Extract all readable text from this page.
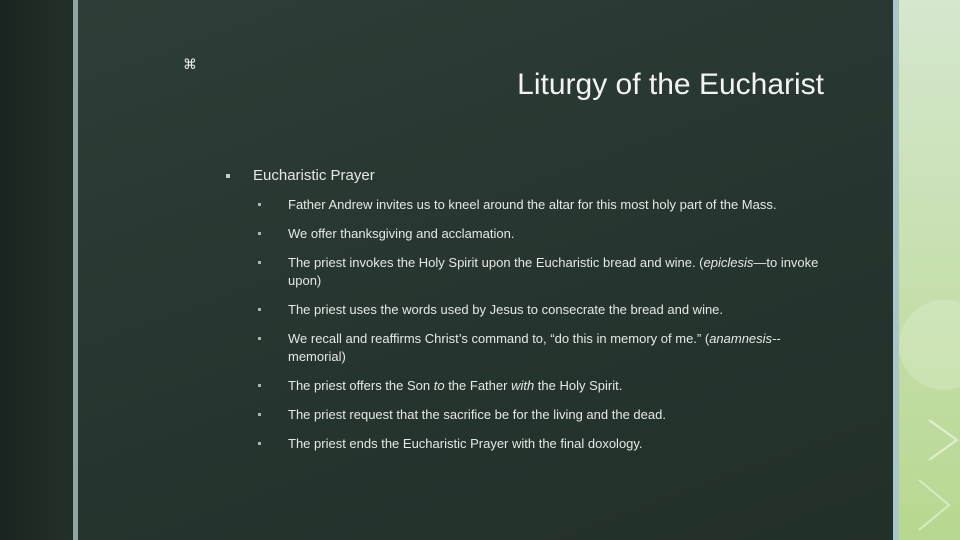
⌘
Liturgy of the Eucharist
Eucharistic Prayer
Father Andrew invites us to kneel around the altar for this most holy part of the Mass.
We offer thanksgiving and acclamation.
The priest invokes the Holy Spirit upon the Eucharistic bread and wine. (epiclesis—to invoke upon)
The priest uses the words used by Jesus to consecrate the bread and wine.
We recall and reaffirms Christ’s command to, “do this in memory of me.” (anamnesis--memorial)
The priest offers the Son to the Father with the Holy Spirit.
The priest request that the sacrifice be for the living and the dead.
The priest ends the Eucharistic Prayer with the final doxology.
